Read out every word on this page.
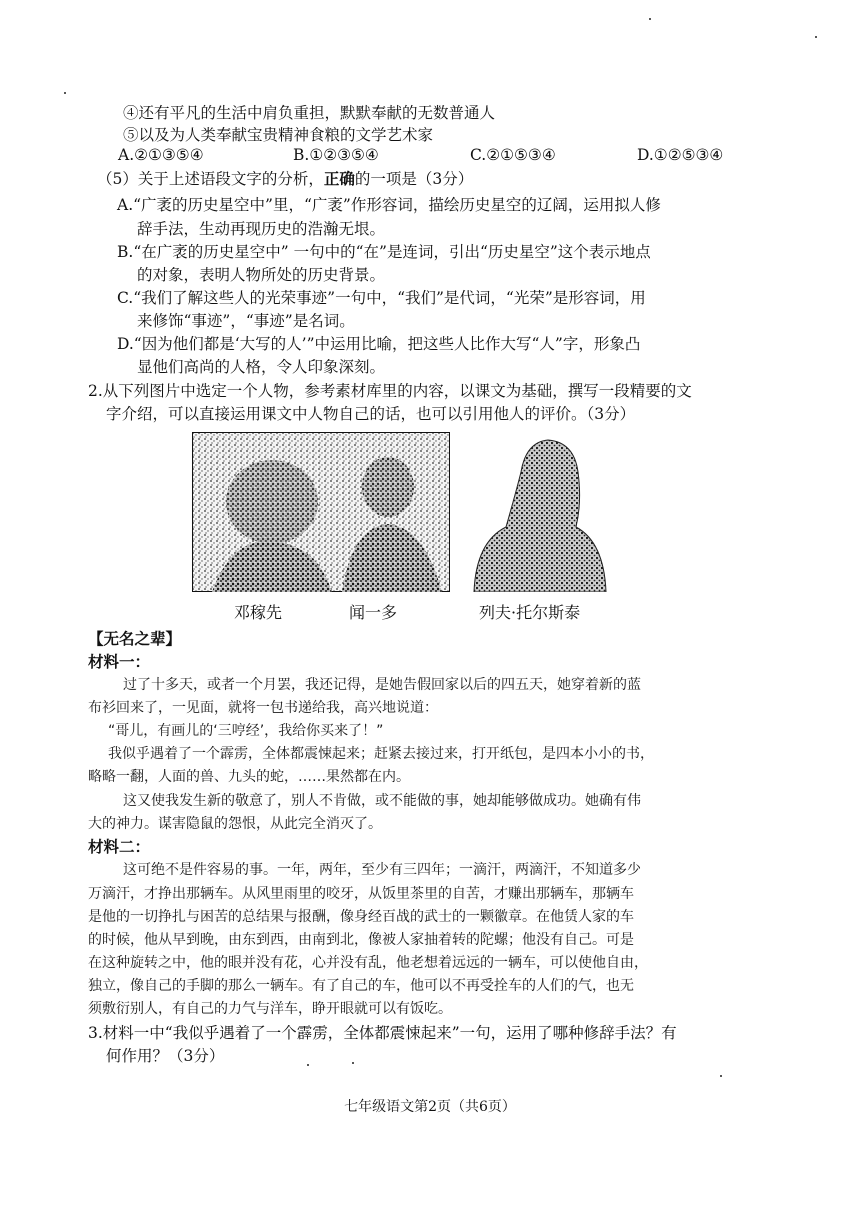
④还有平凡的生活中肩负重担，默默奉献的无数普通人
⑤以及为人类奉献宝贵精神食粮的文学艺术家
A.②①③⑤④	B.①②③⑤④	C.②①⑤③④	D.①②⑤③④
（5）关于上述语段文字的分析，正确的一项是（3分）
A.“广袤的历史星空中”里，“广袤”作形容词，描绘历史星空的辽阔，运用拟人修
辞手法，生动再现历史的浩瀚无垠。
B.“在广袤的历史星空中” 一句中的“在”是连词，引出“历史星空”这个表示地点
的对象，表明人物所处的历史背景。
C.“我们了解这些人的光荣事迹”一句中，“我们”是代词，“光荣”是形容词，用
来修饰“事迹”，“事迹”是名词。
D.“因为他们都是‘大写的人’”中运用比喻，把这些人比作大写“人”字，形象凸
显他们高尚的人格，令人印象深刻。
2.从下列图片中选定一个人物，参考素材库里的内容，以课文为基础，撰写一段精要的文
字介绍，可以直接运用课文中人物自己的话，也可以引用他人的评价。（3分）
邓稼先	闻一多	列夫·托尔斯泰
【无名之辈】
材料一：
过了十多天，或者一个月罢，我还记得，是她告假回家以后的四五天，她穿着新的蓝
布衫回来了，一见面，就将一包书递给我，高兴地说道：
“哥儿，有画儿的‘三哼经’，我给你买来了！”
我似乎遇着了一个霹雳，全体都震悚起来；赶紧去接过来，打开纸包，是四本小小的书，
略略一翻，人面的兽、九头的蛇，……果然都在内。
这又使我发生新的敬意了，别人不肯做，或不能做的事，她却能够做成功。她确有伟
大的神力。谋害隐鼠的怨恨，从此完全消灭了。
材料二：
这可绝不是件容易的事。一年，两年，至少有三四年；一滴汗，两滴汗，不知道多少
万滴汗，才挣出那辆车。从风里雨里的咬牙，从饭里茶里的自苦，才赚出那辆车，那辆车
是他的一切挣扎与困苦的总结果与报酬，像身经百战的武士的一颗徽章。在他赁人家的车
的时候，他从早到晚，由东到西，由南到北，像被人家抽着转的陀螺；他没有自己。可是
在这种旋转之中，他的眼并没有花，心并没有乱，他老想着远远的一辆车，可以使他自由，
独立，像自己的手脚的那么一辆车。有了自己的车，他可以不再受拴车的人们的气，也无
须敷衍别人，有自己的力气与洋车，睁开眼就可以有饭吃。
3.材料一中“我似乎遇着了一个霹雳，全体都震悚起来”一句，运用了哪种修辞手法？有
何作用？（3分）
七年级语文第2页（共6页）
